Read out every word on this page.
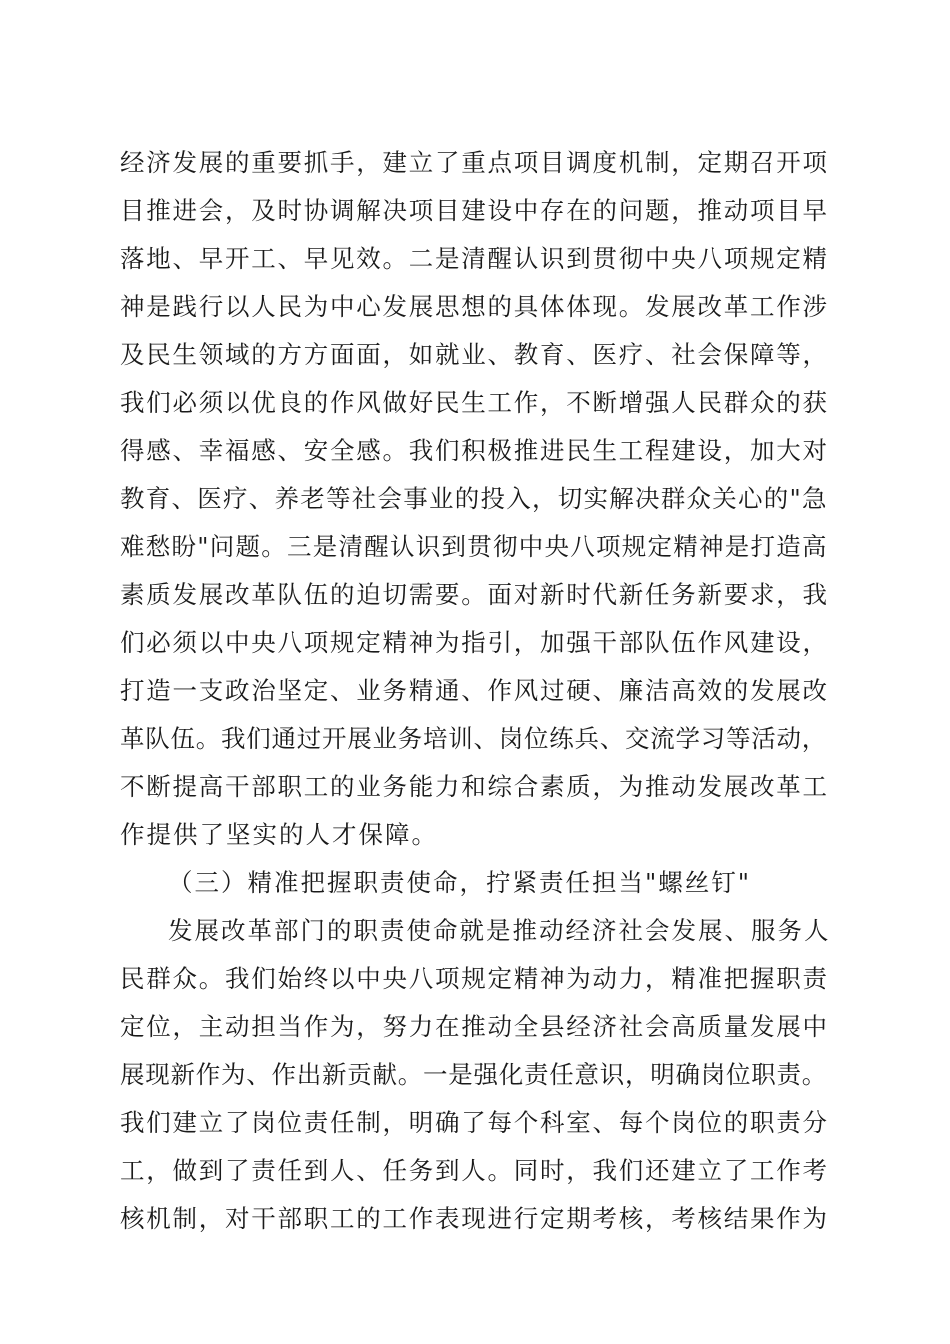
经济发展的重要抓手，建立了重点项目调度机制，定期召开项
目推进会，及时协调解决项目建设中存在的问题，推动项目早
落地、早开工、早见效。二是清醒认识到贯彻中央八项规定精
神是践行以人民为中心发展思想的具体体现。发展改革工作涉
及民生领域的方方面面，如就业、教育、医疗、社会保障等，
我们必须以优良的作风做好民生工作，不断增强人民群众的获
得感、幸福感、安全感。我们积极推进民生工程建设，加大对
教育、医疗、养老等社会事业的投入，切实解决群众关心的"急
难愁盼"问题。三是清醒认识到贯彻中央八项规定精神是打造高
素质发展改革队伍的迫切需要。面对新时代新任务新要求，我
们必须以中央八项规定精神为指引，加强干部队伍作风建设，
打造一支政治坚定、业务精通、作风过硬、廉洁高效的发展改
革队伍。我们通过开展业务培训、岗位练兵、交流学习等活动，
不断提高干部职工的业务能力和综合素质，为推动发展改革工
作提供了坚实的人才保障。
（三）精准把握职责使命，拧紧责任担当"螺丝钉"
发展改革部门的职责使命就是推动经济社会发展、服务人
民群众。我们始终以中央八项规定精神为动力，精准把握职责
定位，主动担当作为，努力在推动全县经济社会高质量发展中
展现新作为、作出新贡献。一是强化责任意识，明确岗位职责。
我们建立了岗位责任制，明确了每个科室、每个岗位的职责分
工，做到了责任到人、任务到人。同时，我们还建立了工作考
核机制，对干部职工的工作表现进行定期考核，考核结果作为
